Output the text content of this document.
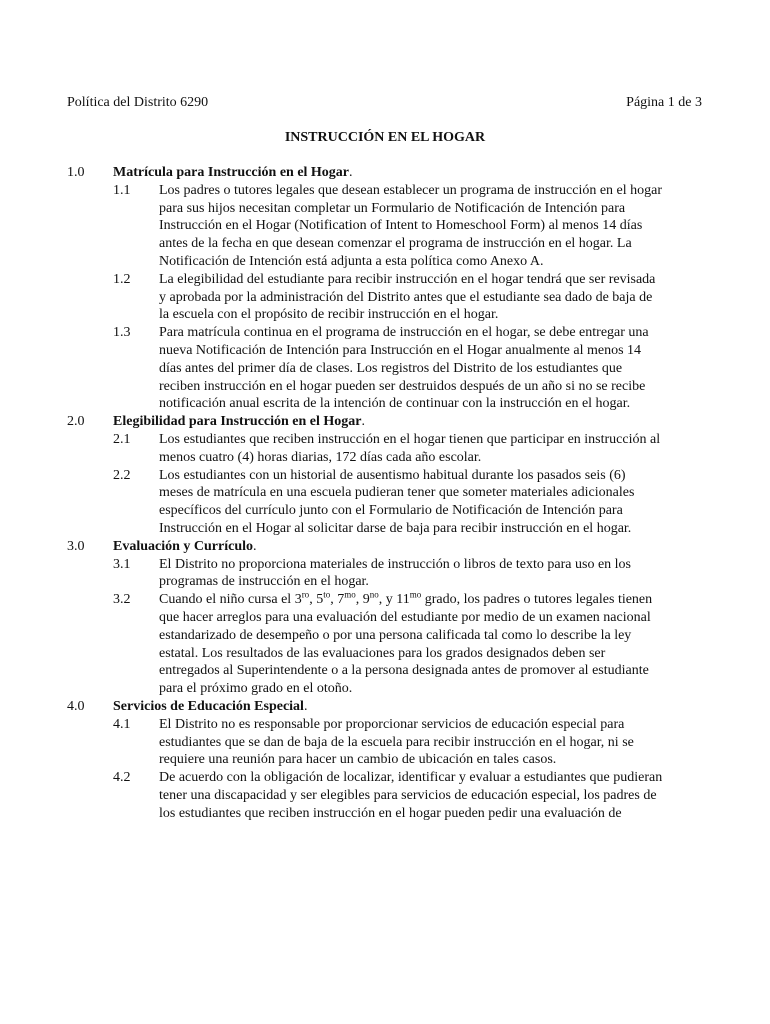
Política del Distrito 6290	Página 1 de 3
INSTRUCCIÓN EN EL HOGAR
1.0	Matrícula para Instrucción en el Hogar.
1.1	Los padres o tutores legales que desean establecer un programa de instrucción en el hogar
para sus hijos necesitan completar un Formulario de Notificación de Intención para
Instrucción en el Hogar (Notification of Intent to Homeschool Form) al menos 14 días
antes de la fecha en que desean comenzar el programa de instrucción en el hogar. La
Notificación de Intención está adjunta a esta política como Anexo A.
1.2	La elegibilidad del estudiante para recibir instrucción en el hogar tendrá que ser revisada
y aprobada por la administración del Distrito antes que el estudiante sea dado de baja de
la escuela con el propósito de recibir instrucción en el hogar.
1.3	Para matrícula continua en el programa de instrucción en el hogar, se debe entregar una
nueva Notificación de Intención para Instrucción en el Hogar anualmente al menos 14
días antes del primer día de clases. Los registros del Distrito de los estudiantes que
reciben instrucción en el hogar pueden ser destruidos después de un año si no se recibe
notificación anual escrita de la intención de continuar con la instrucción en el hogar.
2.0	Elegibilidad para Instrucción en el Hogar.
2.1	Los estudiantes que reciben instrucción en el hogar tienen que participar en instrucción al
menos cuatro (4) horas diarias, 172 días cada año escolar.
2.2	Los estudiantes con un historial de ausentismo habitual durante los pasados seis (6)
meses de matrícula en una escuela pudieran tener que someter materiales adicionales
específicos del currículo junto con el Formulario de Notificación de Intención para
Instrucción en el Hogar al solicitar darse de baja para recibir instrucción en el hogar.
3.0	Evaluación y Currículo.
3.1	El Distrito no proporciona materiales de instrucción o libros de texto para uso en los
programas de instrucción en el hogar.
3.2	Cuando el niño cursa el $3^{ro}$, $5^{to}$, $7^{mo}$, $9^{no}$, y $11^{mo}$ grado, los padres o tutores legales tienen
que hacer arreglos para una evaluación del estudiante por medio de un examen nacional
estandarizado de desempeño o por una persona calificada tal como lo describe la ley
estatal. Los resultados de las evaluaciones para los grados designados deben ser
entregados al Superintendente o a la persona designada antes de promover al estudiante
para el próximo grado en el otoño.
4.0	Servicios de Educación Especial.
4.1	El Distrito no es responsable por proporcionar servicios de educación especial para
estudiantes que se dan de baja de la escuela para recibir instrucción en el hogar, ni se
requiere una reunión para hacer un cambio de ubicación en tales casos.
4.2	De acuerdo con la obligación de localizar, identificar y evaluar a estudiantes que pudieran
tener una discapacidad y ser elegibles para servicios de educación especial, los padres de
los estudiantes que reciben instrucción en el hogar pueden pedir una evaluación de
